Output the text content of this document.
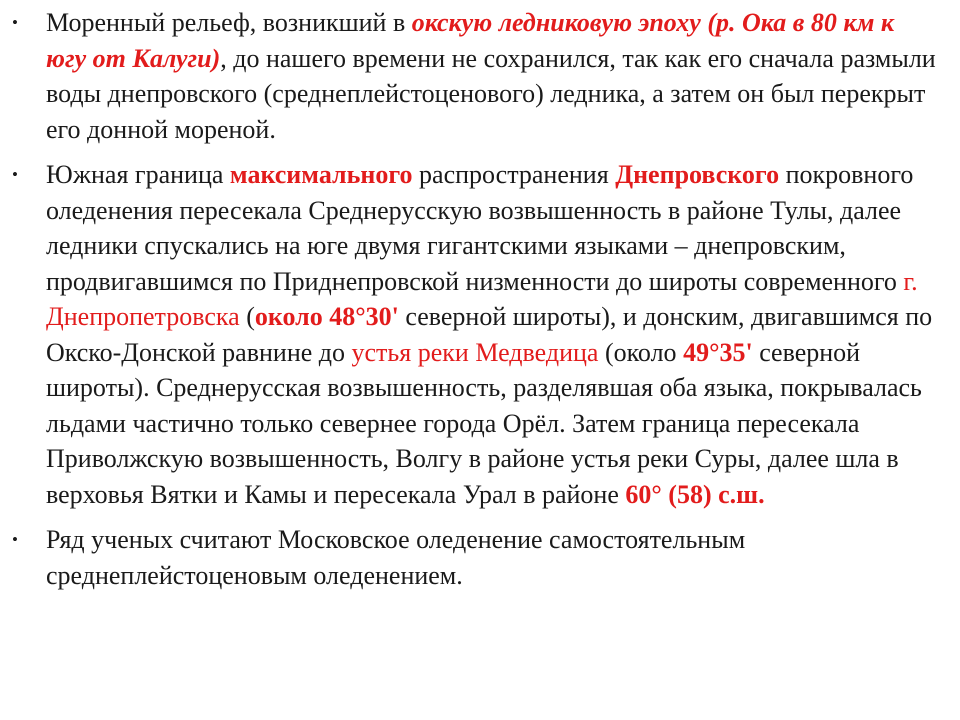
• Моренный рельеф, возникший в окскую ледниковую эпоху (р. Ока в 80 км к югу от Калуги), до нашего времени не сохранился, так как его сначала размыли воды днепровского (среднеплейстоценового) ледника, а затем он был перекрыт его донной мореной.
• Южная граница максимального распространения Днепровского покровного оледенения пересекала Среднерусскую возвышенность в районе Тулы, далее ледники спускались на юге двумя гигантскими языками – днепровским, продвигавшимся по Приднепровской низменности до широты современного г. Днепропетровска (около 48°30' северной широты), и донским, двигавшимся по Окско-Донской равнине до устья реки Медведица (около 49°35' северной широты). Среднерусская возвышенность, разделявшая оба языка, покрывалась льдами частично только севернее города Орёл. Затем граница пересекала Приволжскую возвышенность, Волгу в районе устья реки Суры, далее шла в верховья Вятки и Камы и пересекала Урал в районе 60° (58) с.ш.
• Ряд ученых считают Московское оледенение самостоятельным среднеплейстоценовым оледенением.
